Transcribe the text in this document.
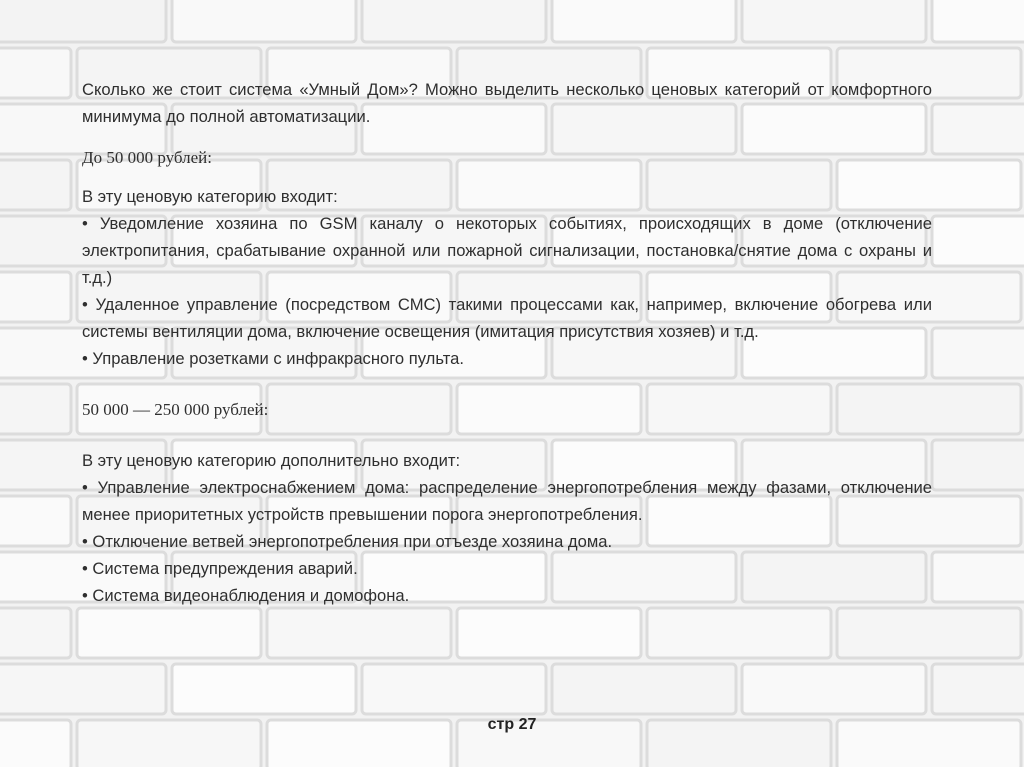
Сколько же стоит система «Умный Дом»? Можно выделить несколько ценовых категорий от комфортного минимума до полной автоматизации.

До 50 000 рублей:

В эту ценовую категорию входит:

• Уведомление хозяина по GSM каналу о некоторых событиях, происходящих в доме (отключение электропитания, срабатывание охранной или пожарной сигнализации, постановка/снятие дома с охраны и т.д.)

• Удаленное управление (посредством СМС) такими процессами как, например, включение обогрева или системы вентиляции дома, включение освещения (имитация присутствия хозяев) и т.д.

• Управление розетками с инфракрасного пульта.

50 000 — 250 000 рублей:

В эту ценовую категорию дополнительно входит:

• Управление электроснабжением дома: распределение энергопотребления между фазами, отключение менее приоритетных устройств превышении порога энергопотребления.

• Отключение ветвей энергопотребления при отъезде хозяина дома.

• Система предупреждения аварий.

• Система видеонаблюдения и домофона.

стр 27
